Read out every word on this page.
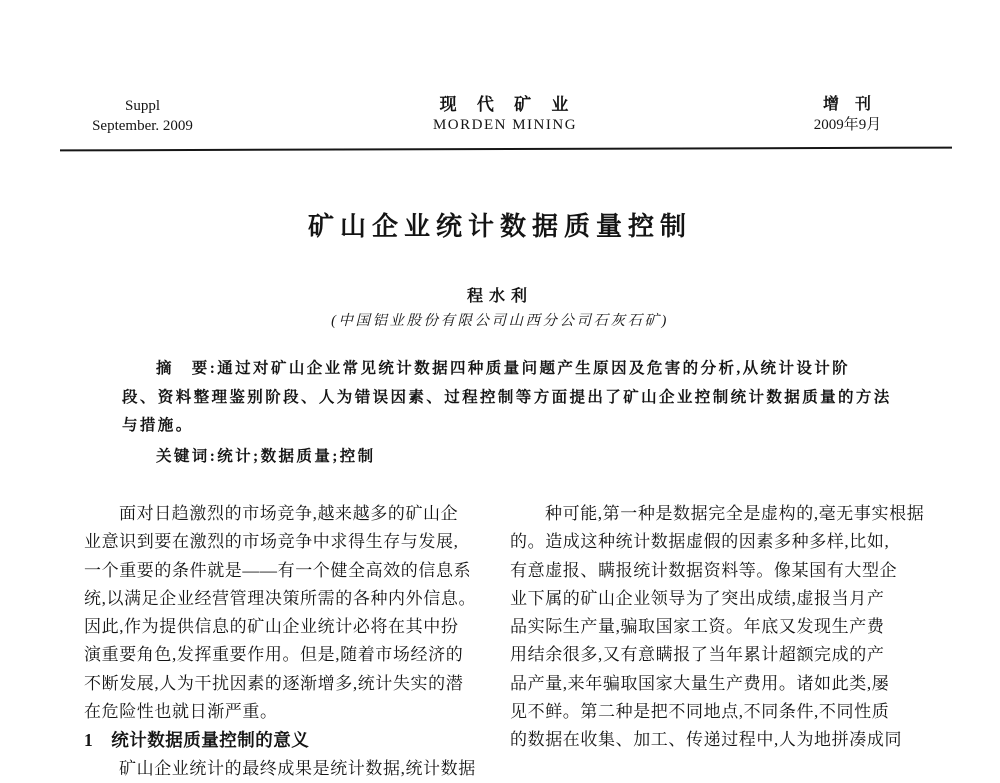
Suppl
September. 2009
现 代 矿 业
MORDEN MINING
增 刊
2009年9月
矿山企业统计数据质量控制
程水利
(中国铝业股份有限公司山西分公司石灰石矿)
摘　要:通过对矿山企业常见统计数据四种质量问题产生原因及危害的分析,从统计设计阶
段、资料整理鉴别阶段、人为错误因素、过程控制等方面提出了矿山企业控制统计数据质量的方法
与措施。
关键词:统计;数据质量;控制
面对日趋激烈的市场竞争,越来越多的矿山企
业意识到要在激烈的市场竞争中求得生存与发展,
一个重要的条件就是——有一个健全高效的信息系
统,以满足企业经营管理决策所需的各种内外信息。
因此,作为提供信息的矿山企业统计必将在其中扮
演重要角色,发挥重要作用。但是,随着市场经济的
不断发展,人为干扰因素的逐渐增多,统计失实的潜
在危险性也就日渐严重。
1　统计数据质量控制的意义
矿山企业统计的最终成果是统计数据,统计数据
种可能,第一种是数据完全是虚构的,毫无事实根据
的。造成这种统计数据虚假的因素多种多样,比如,
有意虚报、瞒报统计数据资料等。像某国有大型企
业下属的矿山企业领导为了突出成绩,虚报当月产
品实际生产量,骗取国家工资。年底又发现生产费
用结余很多,又有意瞒报了当年累计超额完成的产
品产量,来年骗取国家大量生产费用。诸如此类,屡
见不鲜。第二种是把不同地点,不同条件,不同性质
的数据在收集、加工、传递过程中,人为地拼凑成同
